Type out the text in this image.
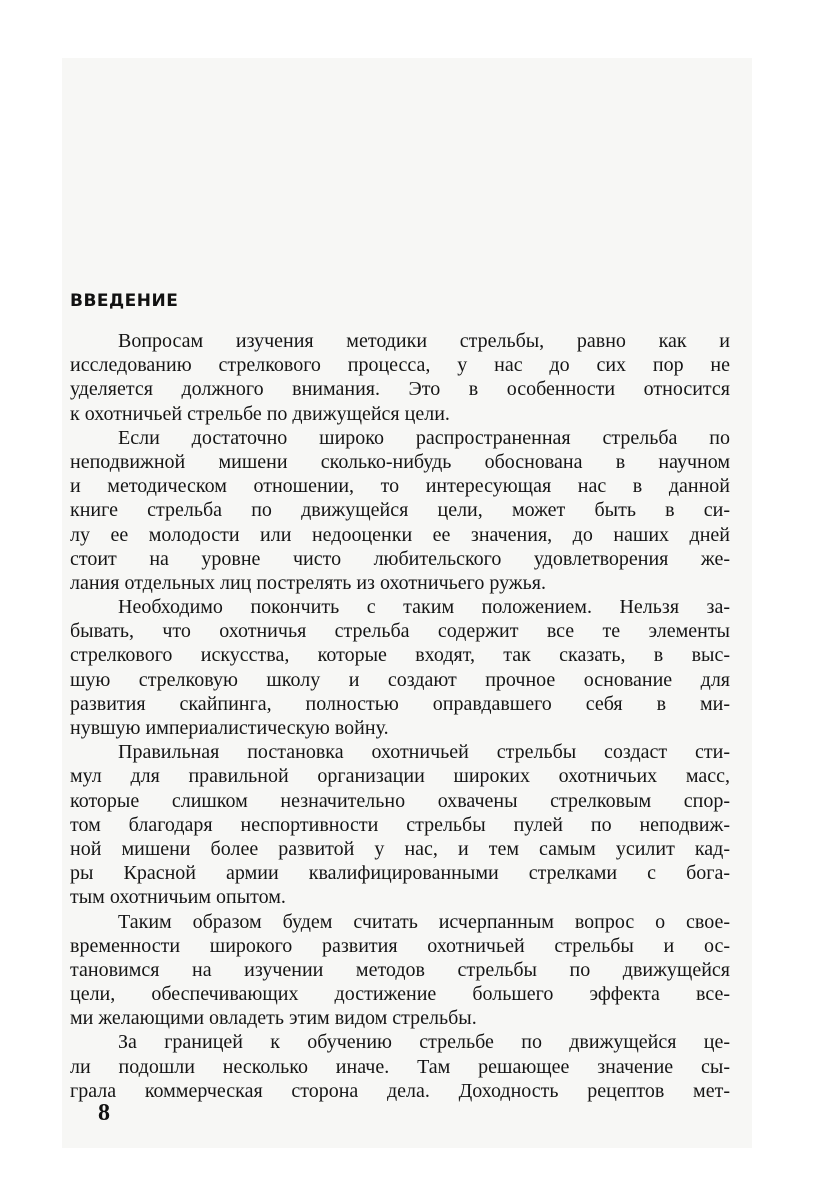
ВВЕДЕНИЕ
Вопросам изучения методики стрельбы, равно как и
исследованию стрелкового процесса, у нас до сих пор не
уделяется должного внимания. Это в особенности относится
к охотничьей стрельбе по движущейся цели.
Если достаточно широко распространенная стрельба по
неподвижной мишени сколько-нибудь обоснована в научном
и методическом отношении, то интересующая нас в данной
книге стрельба по движущейся цели, может быть в си-
лу ее молодости или недооценки ее значения, до наших дней
стоит на уровне чисто любительского удовлетворения же-
лания отдельных лиц пострелять из охотничьего ружья.
Необходимо покончить с таким положением. Нельзя за-
бывать, что охотничья стрельба содержит все те элементы
стрелкового искусства, которые входят, так сказать, в выс-
шую стрелковую школу и создают прочное основание для
развития скайпинга, полностью оправдавшего себя в ми-
нувшую империалистическую войну.
Правильная постановка охотничьей стрельбы создаст сти-
мул для правильной организации широких охотничьих масс,
которые слишком незначительно охвачены стрелковым спор-
том благодаря неспортивности стрельбы пулей по неподвиж-
ной мишени более развитой у нас, и тем самым усилит кад-
ры Красной армии квалифицированными стрелками с бога-
тым охотничьим опытом.
Таким образом будем считать исчерпанным вопрос о свое-
временности широкого развития охотничьей стрельбы и ос-
тановимся на изучении методов стрельбы по движущейся
цели, обеспечивающих достижение большего эффекта все-
ми желающими овладеть этим видом стрельбы.
За границей к обучению стрельбе по движущейся це-
ли подошли несколько иначе. Там решающее значение сы-
грала коммерческая сторона дела. Доходность рецептов мет-
8
